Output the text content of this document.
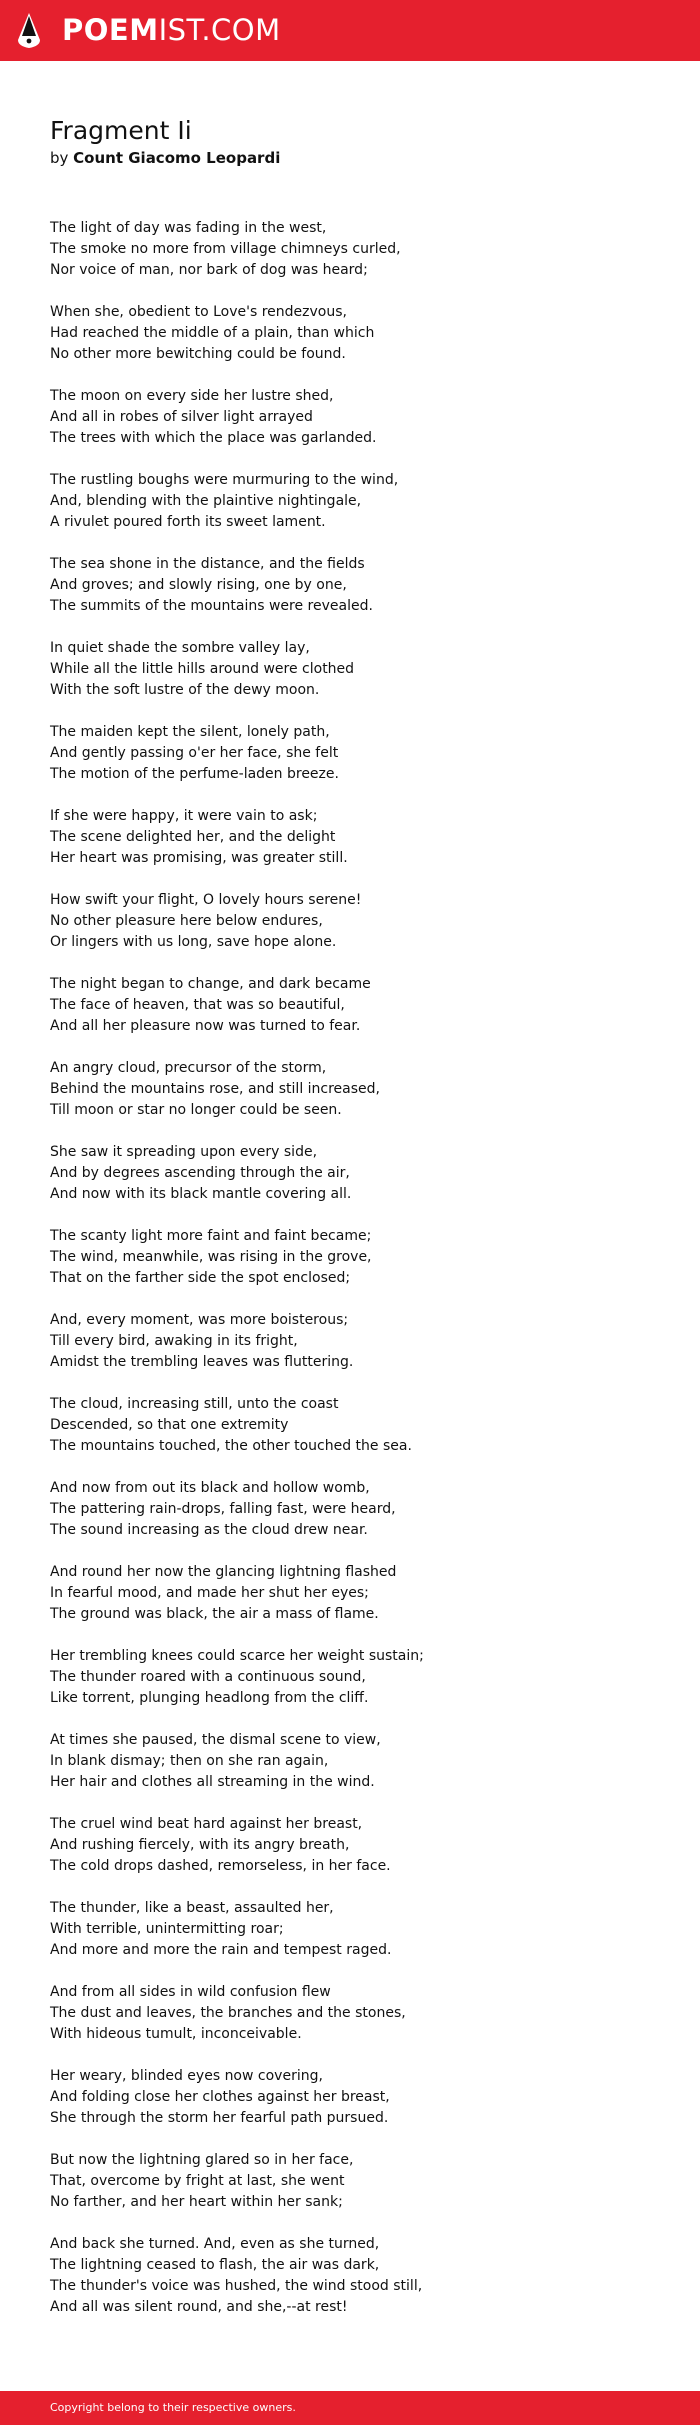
POEMIST.COM
Fragment Ii
by Count Giacomo Leopardi
The light of day was fading in the west,
The smoke no more from village chimneys curled,
Nor voice of man, nor bark of dog was heard;
When she, obedient to Love's rendezvous,
Had reached the middle of a plain, than which
No other more bewitching could be found.
The moon on every side her lustre shed,
And all in robes of silver light arrayed
The trees with which the place was garlanded.
The rustling boughs were murmuring to the wind,
And, blending with the plaintive nightingale,
A rivulet poured forth its sweet lament.
The sea shone in the distance, and the fields
And groves; and slowly rising, one by one,
The summits of the mountains were revealed.
In quiet shade the sombre valley lay,
While all the little hills around were clothed
With the soft lustre of the dewy moon.
The maiden kept the silent, lonely path,
And gently passing o'er her face, she felt
The motion of the perfume-laden breeze.
If she were happy, it were vain to ask;
The scene delighted her, and the delight
Her heart was promising, was greater still.
How swift your flight, O lovely hours serene!
No other pleasure here below endures,
Or lingers with us long, save hope alone.
The night began to change, and dark became
The face of heaven, that was so beautiful,
And all her pleasure now was turned to fear.
An angry cloud, precursor of the storm,
Behind the mountains rose, and still increased,
Till moon or star no longer could be seen.
She saw it spreading upon every side,
And by degrees ascending through the air,
And now with its black mantle covering all.
The scanty light more faint and faint became;
The wind, meanwhile, was rising in the grove,
That on the farther side the spot enclosed;
And, every moment, was more boisterous;
Till every bird, awaking in its fright,
Amidst the trembling leaves was fluttering.
The cloud, increasing still, unto the coast
Descended, so that one extremity
The mountains touched, the other touched the sea.
And now from out its black and hollow womb,
The pattering rain-drops, falling fast, were heard,
The sound increasing as the cloud drew near.
And round her now the glancing lightning flashed
In fearful mood, and made her shut her eyes;
The ground was black, the air a mass of flame.
Her trembling knees could scarce her weight sustain;
The thunder roared with a continuous sound,
Like torrent, plunging headlong from the cliff.
At times she paused, the dismal scene to view,
In blank dismay; then on she ran again,
Her hair and clothes all streaming in the wind.
The cruel wind beat hard against her breast,
And rushing fiercely, with its angry breath,
The cold drops dashed, remorseless, in her face.
The thunder, like a beast, assaulted her,
With terrible, unintermitting roar;
And more and more the rain and tempest raged.
And from all sides in wild confusion flew
The dust and leaves, the branches and the stones,
With hideous tumult, inconceivable.
Her weary, blinded eyes now covering,
And folding close her clothes against her breast,
She through the storm her fearful path pursued.
But now the lightning glared so in her face,
That, overcome by fright at last, she went
No farther, and her heart within her sank;
And back she turned. And, even as she turned,
The lightning ceased to flash, the air was dark,
The thunder's voice was hushed, the wind stood still,
And all was silent round, and she,--at rest!
Copyright belong to their respective owners.
